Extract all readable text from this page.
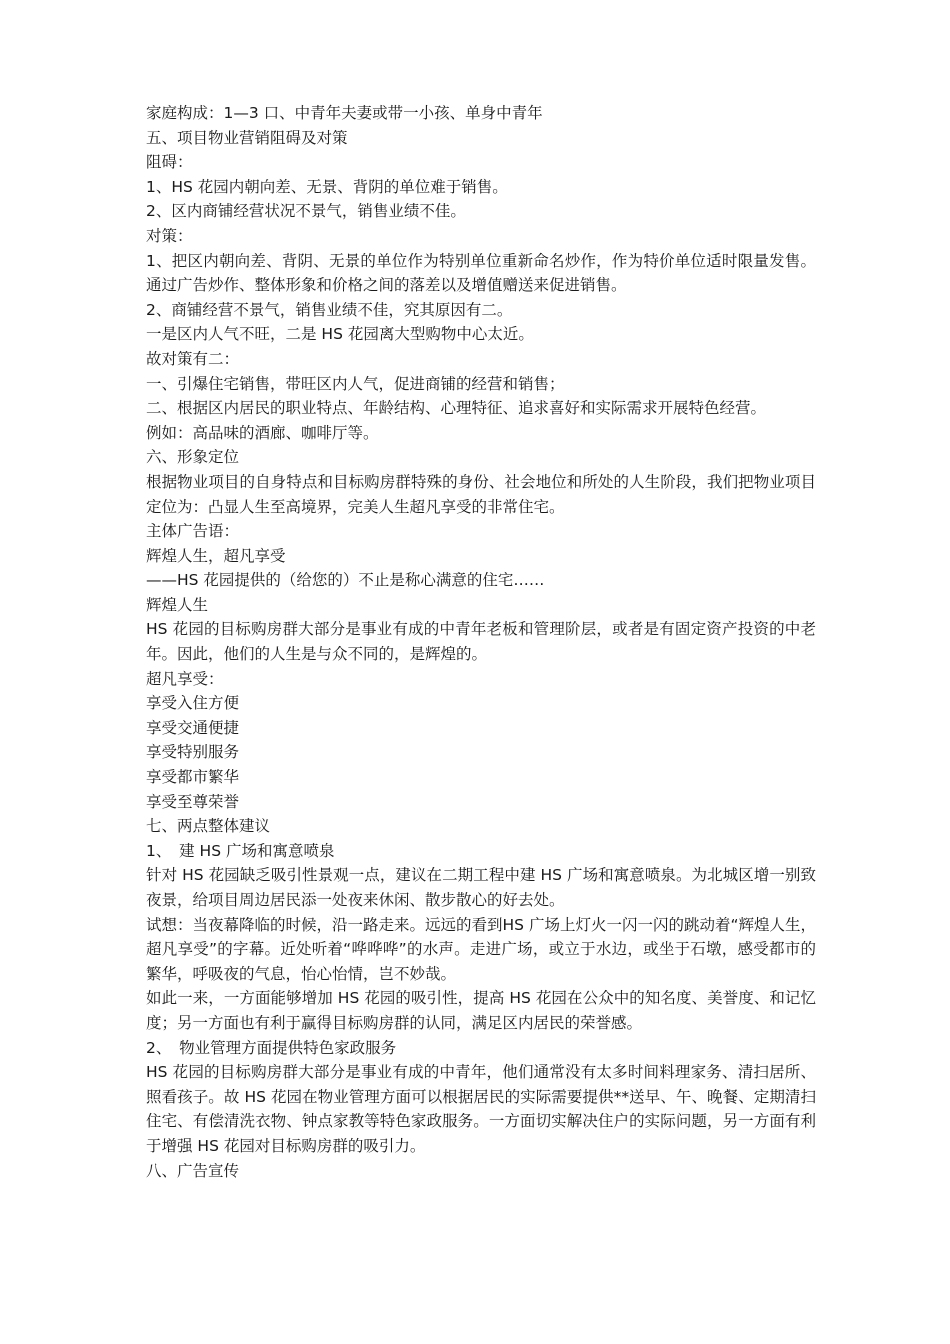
家庭构成：1—3 口、中青年夫妻或带一小孩、单身中青年

五、项目物业营销阻碍及对策

阻碍：

1、HS 花园内朝向差、无景、背阴的单位难于销售。

2、区内商铺经营状况不景气，销售业绩不佳。

对策：

1、把区内朝向差、背阴、无景的单位作为特别单位重新命名炒作，作为特价单位适时限量发售。通过广告炒作、整体形象和价格之间的落差以及增值赠送来促进销售。

2、商铺经营不景气，销售业绩不佳，究其原因有二。

一是区内人气不旺，二是 HS 花园离大型购物中心太近。

故对策有二：

一、引爆住宅销售，带旺区内人气，促进商铺的经营和销售；

二、根据区内居民的职业特点、年龄结构、心理特征、追求喜好和实际需求开展特色经营。

例如：高品味的酒廊、咖啡厅等。

六、形象定位

根据物业项目的自身特点和目标购房群特殊的身份、社会地位和所处的人生阶段，我们把物业项目定位为：凸显人生至高境界，完美人生超凡享受的非常住宅。

主体广告语：

辉煌人生，超凡享受

——HS 花园提供的（给您的）不止是称心满意的住宅……

辉煌人生

HS 花园的目标购房群大部分是事业有成的中青年老板和管理阶层，或者是有固定资产投资的中老年。因此，他们的人生是与众不同的，是辉煌的。

超凡享受：

享受入住方便

享受交通便捷

享受特别服务

享受都市繁华

享受至尊荣誉

七、两点整体建议

1、　建 HS 广场和寓意喷泉

针对 HS 花园缺乏吸引性景观一点，建议在二期工程中建 HS 广场和寓意喷泉。为北城区增一别致夜景，给项目周边居民添一处夜来休闲、散步散心的好去处。

试想：当夜幕降临的时候，沿一路走来。远远的看到HS 广场上灯火一闪一闪的跳动着“辉煌人生，超凡享受”的字幕。近处听着“哗哗哗”的水声。走进广场，或立于水边，或坐于石墩，感受都市的繁华，呼吸夜的气息，怡心怡情，岂不妙哉。

如此一来，一方面能够增加 HS 花园的吸引性，提高 HS 花园在公众中的知名度、美誉度、和记忆度；另一方面也有利于赢得目标购房群的认同，满足区内居民的荣誉感。

2、　物业管理方面提供特色家政服务

HS 花园的目标购房群大部分是事业有成的中青年，他们通常没有太多时间料理家务、清扫居所、照看孩子。故 HS 花园在物业管理方面可以根据居民的实际需要提供**送早、午、晚餐、定期清扫住宅、有偿清洗衣物、钟点家教等特色家政服务。一方面切实解决住户的实际问题，另一方面有利于增强 HS 花园对目标购房群的吸引力。

八、广告宣传
